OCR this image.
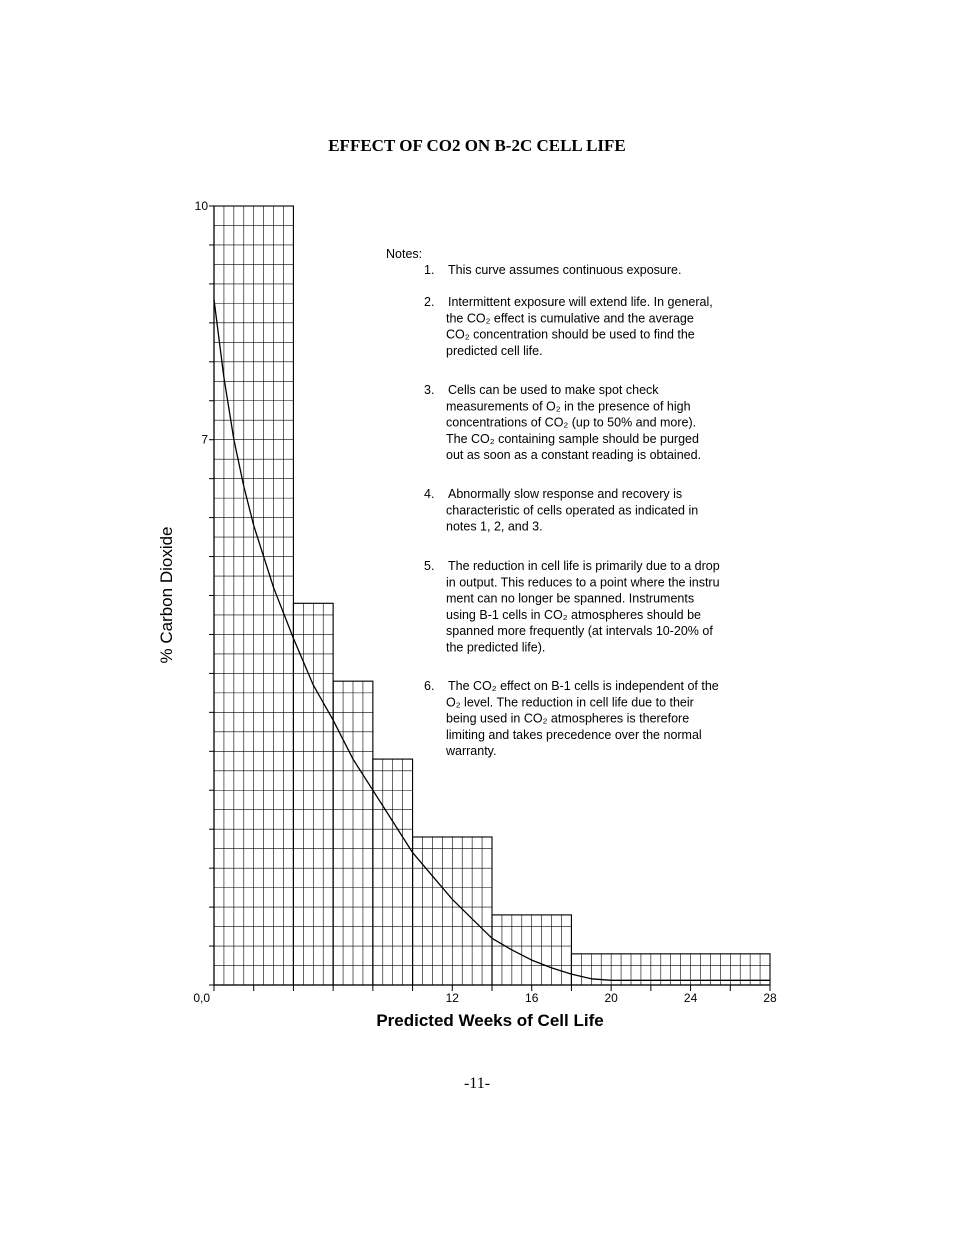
EFFECT OF CO2 ON B-2C CELL LIFE
12	16	20	24	28
7
10
0,0
% Carbon Dioxide
Predicted Weeks of Cell Life
Notes:
1. This curve assumes continuous exposure.
2. Intermittent exposure will extend life. In general,
the CO₂ effect is cumulative and the average
CO₂ concentration should be used to find the
predicted cell life.
3. Cells can be used to make spot check
measurements of O₂ in the presence of high
concentrations of CO₂ (up to 50% and more).
The CO₂ containing sample should be purged
out as soon as a constant reading is obtained.
4. Abnormally slow response and recovery is
characteristic of cells operated as indicated in
notes 1, 2, and 3.
5. The reduction in cell life is primarily due to a drop
in output. This reduces to a point where the instru
ment can no longer be spanned. Instruments
using B-1 cells in CO₂ atmospheres should be
spanned more frequently (at intervals 10-20% of
the predicted life).
6. The CO₂ effect on B-1 cells is independent of the
O₂ level. The reduction in cell life due to their
being used in CO₂ atmospheres is therefore
limiting and takes precedence over the normal
warranty.
-11-
